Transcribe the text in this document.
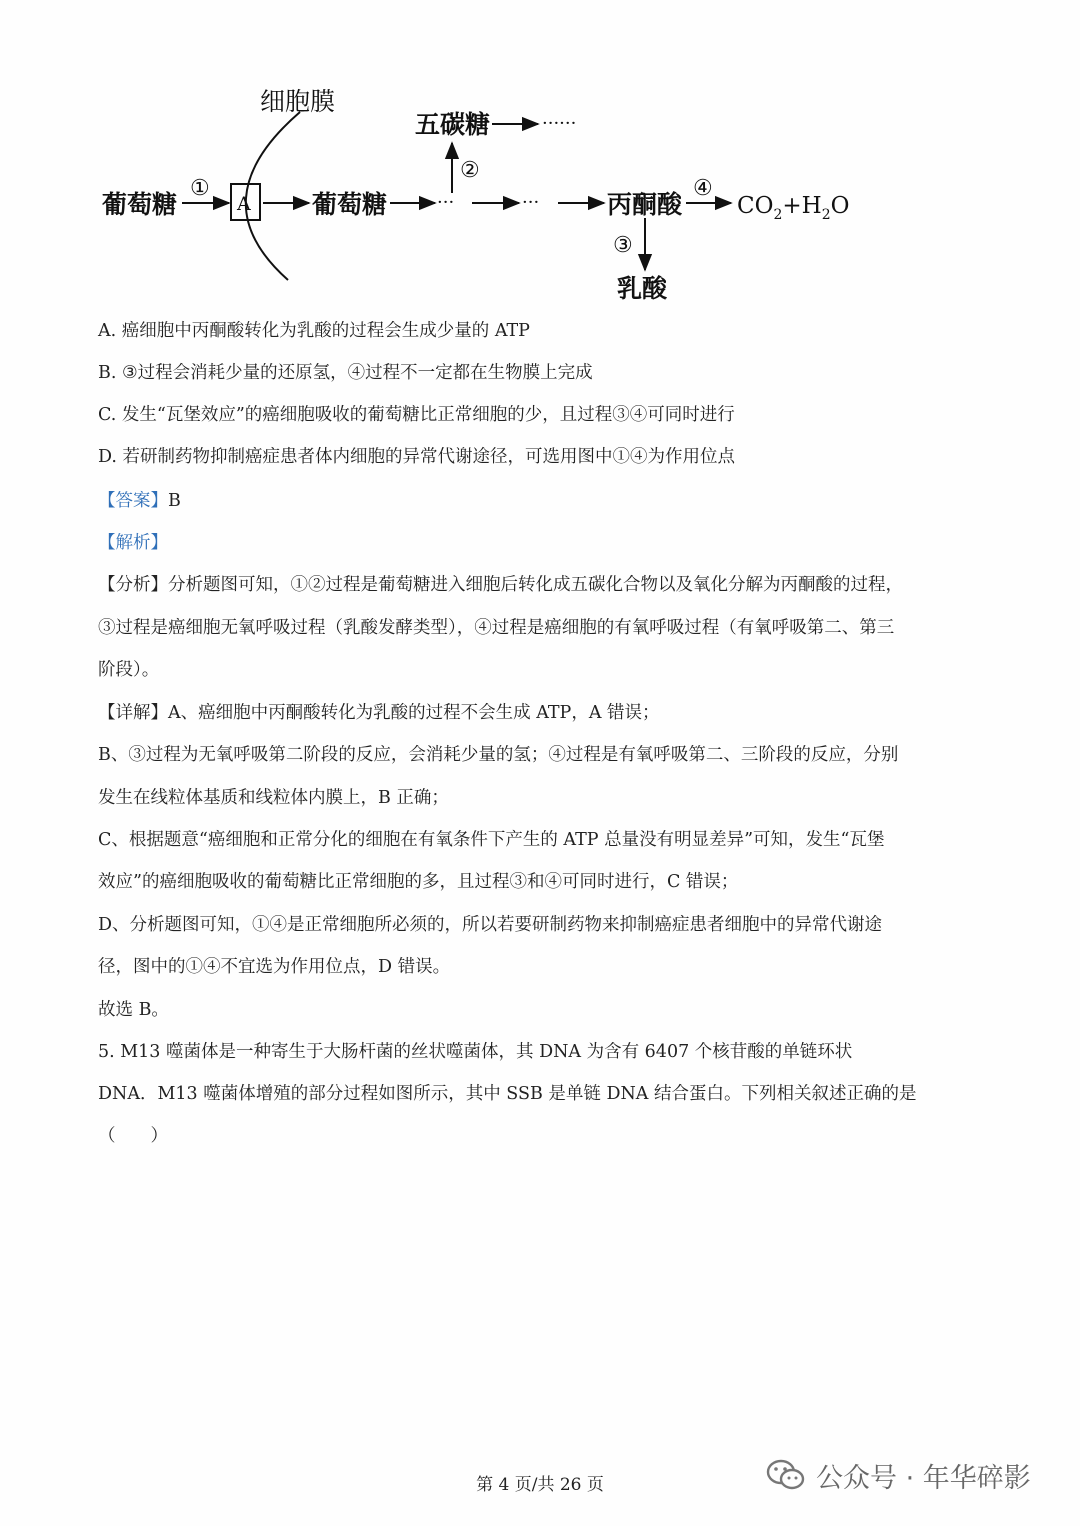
细胞膜
葡萄糖
①
A 葡萄糖	···
②
五碳糖	······
···	丙酮酸
④
$CO_2+H_2O$
③
乳酸
A. 癌细胞中丙酮酸转化为乳酸的过程会生成少量的 ATP
B. ③过程会消耗少量的还原氢，④过程不一定都在生物膜上完成
C. 发生“瓦堡效应”的癌细胞吸收的葡萄糖比正常细胞的少，且过程③④可同时进行
D. 若研制药物抑制癌症患者体内细胞的异常代谢途径，可选用图中①④为作用位点
【答案】B
【解析】
【分析】分析题图可知，①②过程是葡萄糖进入细胞后转化成五碳化合物以及氧化分解为丙酮酸的过程，
③过程是癌细胞无氧呼吸过程（乳酸发酵类型），④过程是癌细胞的有氧呼吸过程（有氧呼吸第二、第三
阶段）。
【详解】A、癌细胞中丙酮酸转化为乳酸的过程不会生成 ATP，A 错误；
B、③过程为无氧呼吸第二阶段的反应，会消耗少量的氢；④过程是有氧呼吸第二、三阶段的反应，分别
发生在线粒体基质和线粒体内膜上，B 正确；
C、根据题意“癌细胞和正常分化的细胞在有氧条件下产生的 ATP 总量没有明显差异”可知，发生“瓦堡
效应”的癌细胞吸收的葡萄糖比正常细胞的多，且过程③和④可同时进行，C 错误；
D、分析题图可知，①④是正常细胞所必须的，所以若要研制药物来抑制癌症患者细胞中的异常代谢途
径，图中的①④不宜选为作用位点，D 错误。
故选 B。
5. M13 噬菌体是一种寄生于大肠杆菌的丝状噬菌体，其 DNA 为含有 6407 个核苷酸的单链环状
DNA．M13 噬菌体增殖的部分过程如图所示，其中 SSB 是单链 DNA 结合蛋白。下列相关叙述正确的是
（　　）
第 4 页/共 26 页	公众号 · 年华碎影
